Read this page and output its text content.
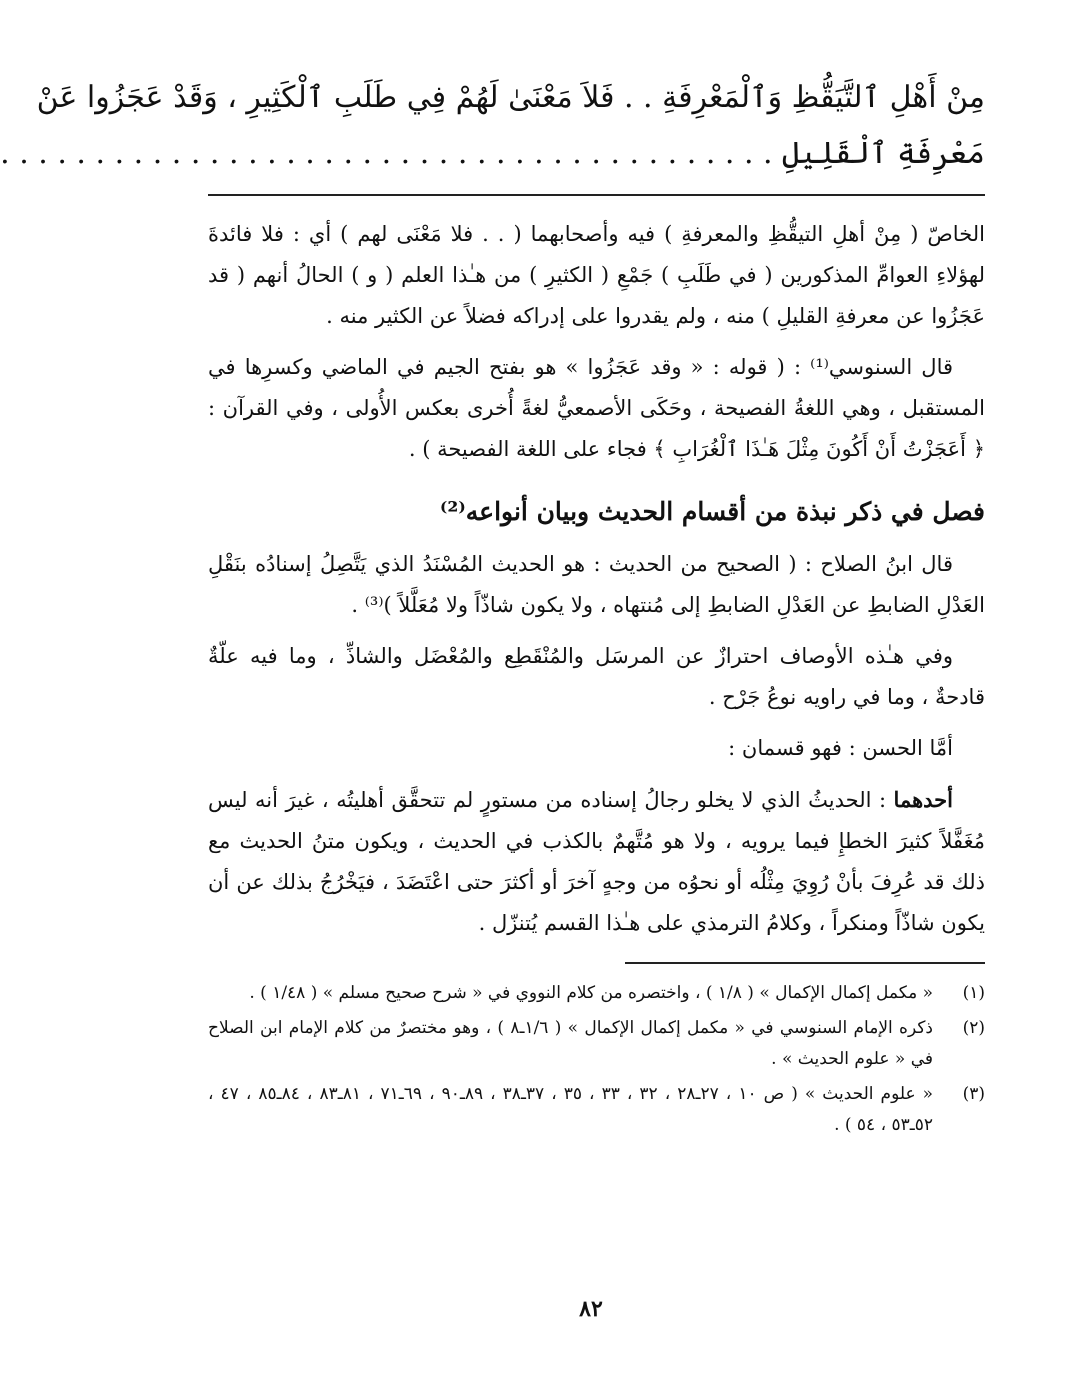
مِنْ أَهْلِ ٱلتَّيَقُّظِ وَٱلْمَعْرِفَةِ . . فَلاَ مَعْنَىٰ لَهُمْ فِي طَلَبِ ٱلْكَثِيرِ ، وَقَدْ عَجَزُوا عَنْ
مَعْرِفَةِ ٱلْقَلِيلِ . . . . . . . . . . . . . . . . . . . . . . . . . . . . . . . . . . . . . . . . .

الخاصّ ( مِنْ أهلِ التيقُّظِ والمعرفةِ ) فيه وأصحابهما ( . . فلا مَعْنَى لهم ) أي : فلا فائدةَ لهؤلاءِ العوامِّ المذكورين ( في طَلَبِ ) جَمْعِ ( الكثيرِ ) من هـٰذا العلم ( و ) الحالُ أنهم ( قد عَجَزُوا عن معرفةِ القليلِ ) منه ، ولم يقدروا على إدراكه فضلاً عن الكثير منه .

قال السنوسي⁽¹⁾ : ( قوله : « وقد عَجَزُوا » هو بفتح الجيم في الماضي وكسرِها في المستقبل ، وهي اللغةُ الفصيحة ، وحَكَى الأصمعيُّ لغةً أُخرى بعكس الأُولى ، وفي القرآن : ﴿ أَعَجَزْتُ أَنْ أَكُونَ مِثْلَ هَـٰذَا ٱلْغُرَابِ ﴾ فجاء على اللغة الفصيحة ) .

فصل في ذكر نبذة من أقسام الحديث وبيان أنواعه⁽²⁾

قال ابنُ الصلاح : ( الصحيح من الحديث : هو الحديث المُسْنَدُ الذي يَتَّصِلُ إسنادُه بنَقْلِ العَدْلِ الضابطِ عن العَدْلِ الضابطِ إلى مُنتهاه ، ولا يكون شاذّاً ولا مُعَلَّلاً )⁽³⁾ .

وفي هـٰذه الأوصاف احترازٌ عن المرسَل والمُنْقَطِع والمُعْضَل والشاذِّ ، وما فيه علّةٌ قادحةٌ ، وما في راويه نوعُ جَرْح .

أمَّا الحسن : فهو قسمان :

أحدهما : الحديثُ الذي لا يخلو رجالُ إسناده من مستورٍ لم تتحقَّق أهليتُه ، غيرَ أنه ليس مُغَفَّلاً كثيرَ الخطإِ فيما يرويه ، ولا هو مُتَّهمٌ بالكذب في الحديث ، ويكون متنُ الحديث مع ذلك قد عُرِفَ بأنْ رُوِيَ مِثْلُه أو نحوُه من وجهٍ آخرَ أو أكثرَ حتى اعْتَضَدَ ، فيَخْرُجُ بذلك عن أن يكون شاذّاً ومنكراً ، وكلامُ الترمذي على هـٰذا القسم يُتنزّل .

(١)
« مكمل إكمال الإكمال » ( ١/٨ ) ، واختصره من كلام النووي في « شرح صحيح مسلم » ( ١/٤٨ ) .
(٢)
ذكره الإمام السنوسي في « مكمل إكمال الإكمال » ( ١/٦ـ٨ ) ، وهو مختصرٌ من كلام الإمام ابن الصلاح في « علوم الحديث » .
(٣)
« علوم الحديث » ( ص ١٠ ، ٢٧ـ٢٨ ، ٣٢ ، ٣٣ ، ٣٥ ، ٣٧ـ٣٨ ، ٨٩ـ٩٠ ، ٦٩ـ٧١ ، ٨١ـ٨٣ ، ٨٤ـ٨٥ ، ٤٧ ، ٥٢ـ٥٣ ، ٥٤ ) .
٨٢
